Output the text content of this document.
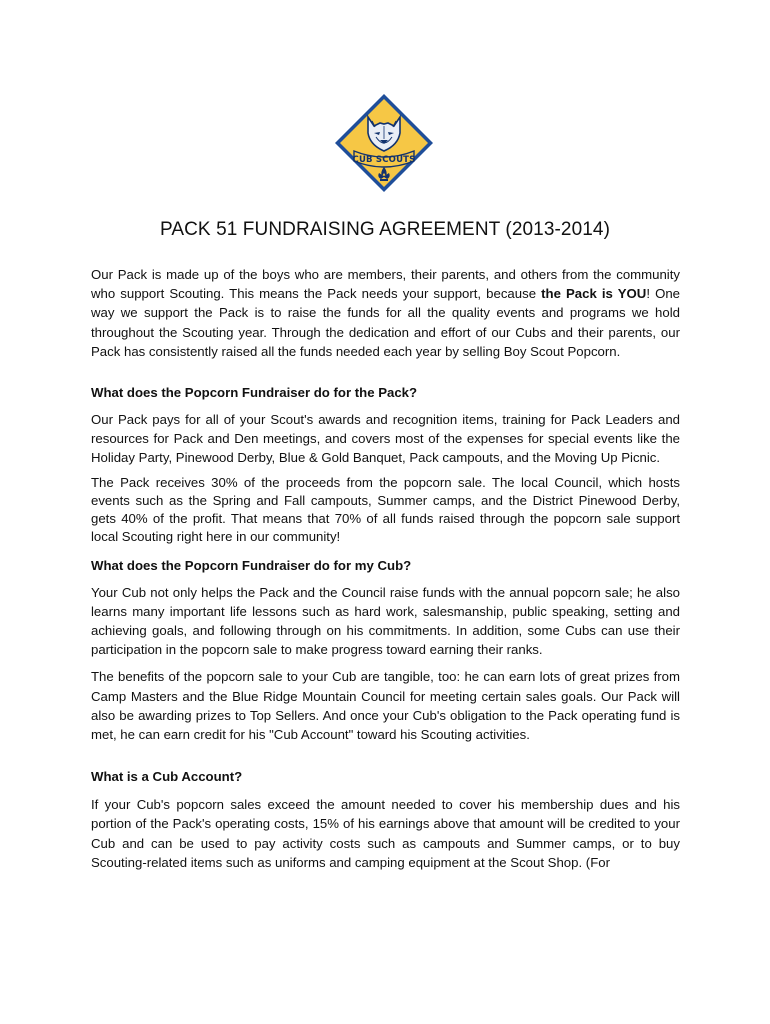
CUB SCOUTS
PACK 51 FUNDRAISING AGREEMENT (2013-2014)

Our Pack is made up of the boys who are members, their parents, and others from the community who support Scouting. This means the Pack needs your support, because the Pack is YOU! One way we support the Pack is to raise the funds for all the quality events and programs we hold throughout the Scouting year. Through the dedication and effort of our Cubs and their parents, our Pack has consistently raised all the funds needed each year by selling Boy Scout Popcorn.

What does the Popcorn Fundraiser do for the Pack?

Our Pack pays for all of your Scout's awards and recognition items, training for Pack Leaders and resources for Pack and Den meetings, and covers most of the expenses for special events like the Holiday Party, Pinewood Derby, Blue & Gold Banquet, Pack campouts, and the Moving Up Picnic.

The Pack receives 30% of the proceeds from the popcorn sale. The local Council, which hosts events such as the Spring and Fall campouts, Summer camps, and the District Pinewood Derby, gets 40% of the profit. That means that 70% of all funds raised through the popcorn sale support local Scouting right here in our community!

What does the Popcorn Fundraiser do for my Cub?

Your Cub not only helps the Pack and the Council raise funds with the annual popcorn sale; he also learns many important life lessons such as hard work, salesmanship, public speaking, setting and achieving goals, and following through on his commitments. In addition, some Cubs can use their participation in the popcorn sale to make progress toward earning their ranks.

The benefits of the popcorn sale to your Cub are tangible, too: he can earn lots of great prizes from Camp Masters and the Blue Ridge Mountain Council for meeting certain sales goals. Our Pack will also be awarding prizes to Top Sellers. And once your Cub's obligation to the Pack operating fund is met, he can earn credit for his "Cub Account" toward his Scouting activities.

What is a Cub Account?

If your Cub's popcorn sales exceed the amount needed to cover his membership dues and his portion of the Pack's operating costs, 15% of his earnings above that amount will be credited to your Cub and can be used to pay activity costs such as campouts and Summer camps, or to buy Scouting-related items such as uniforms and camping equipment at the Scout Shop. (For
